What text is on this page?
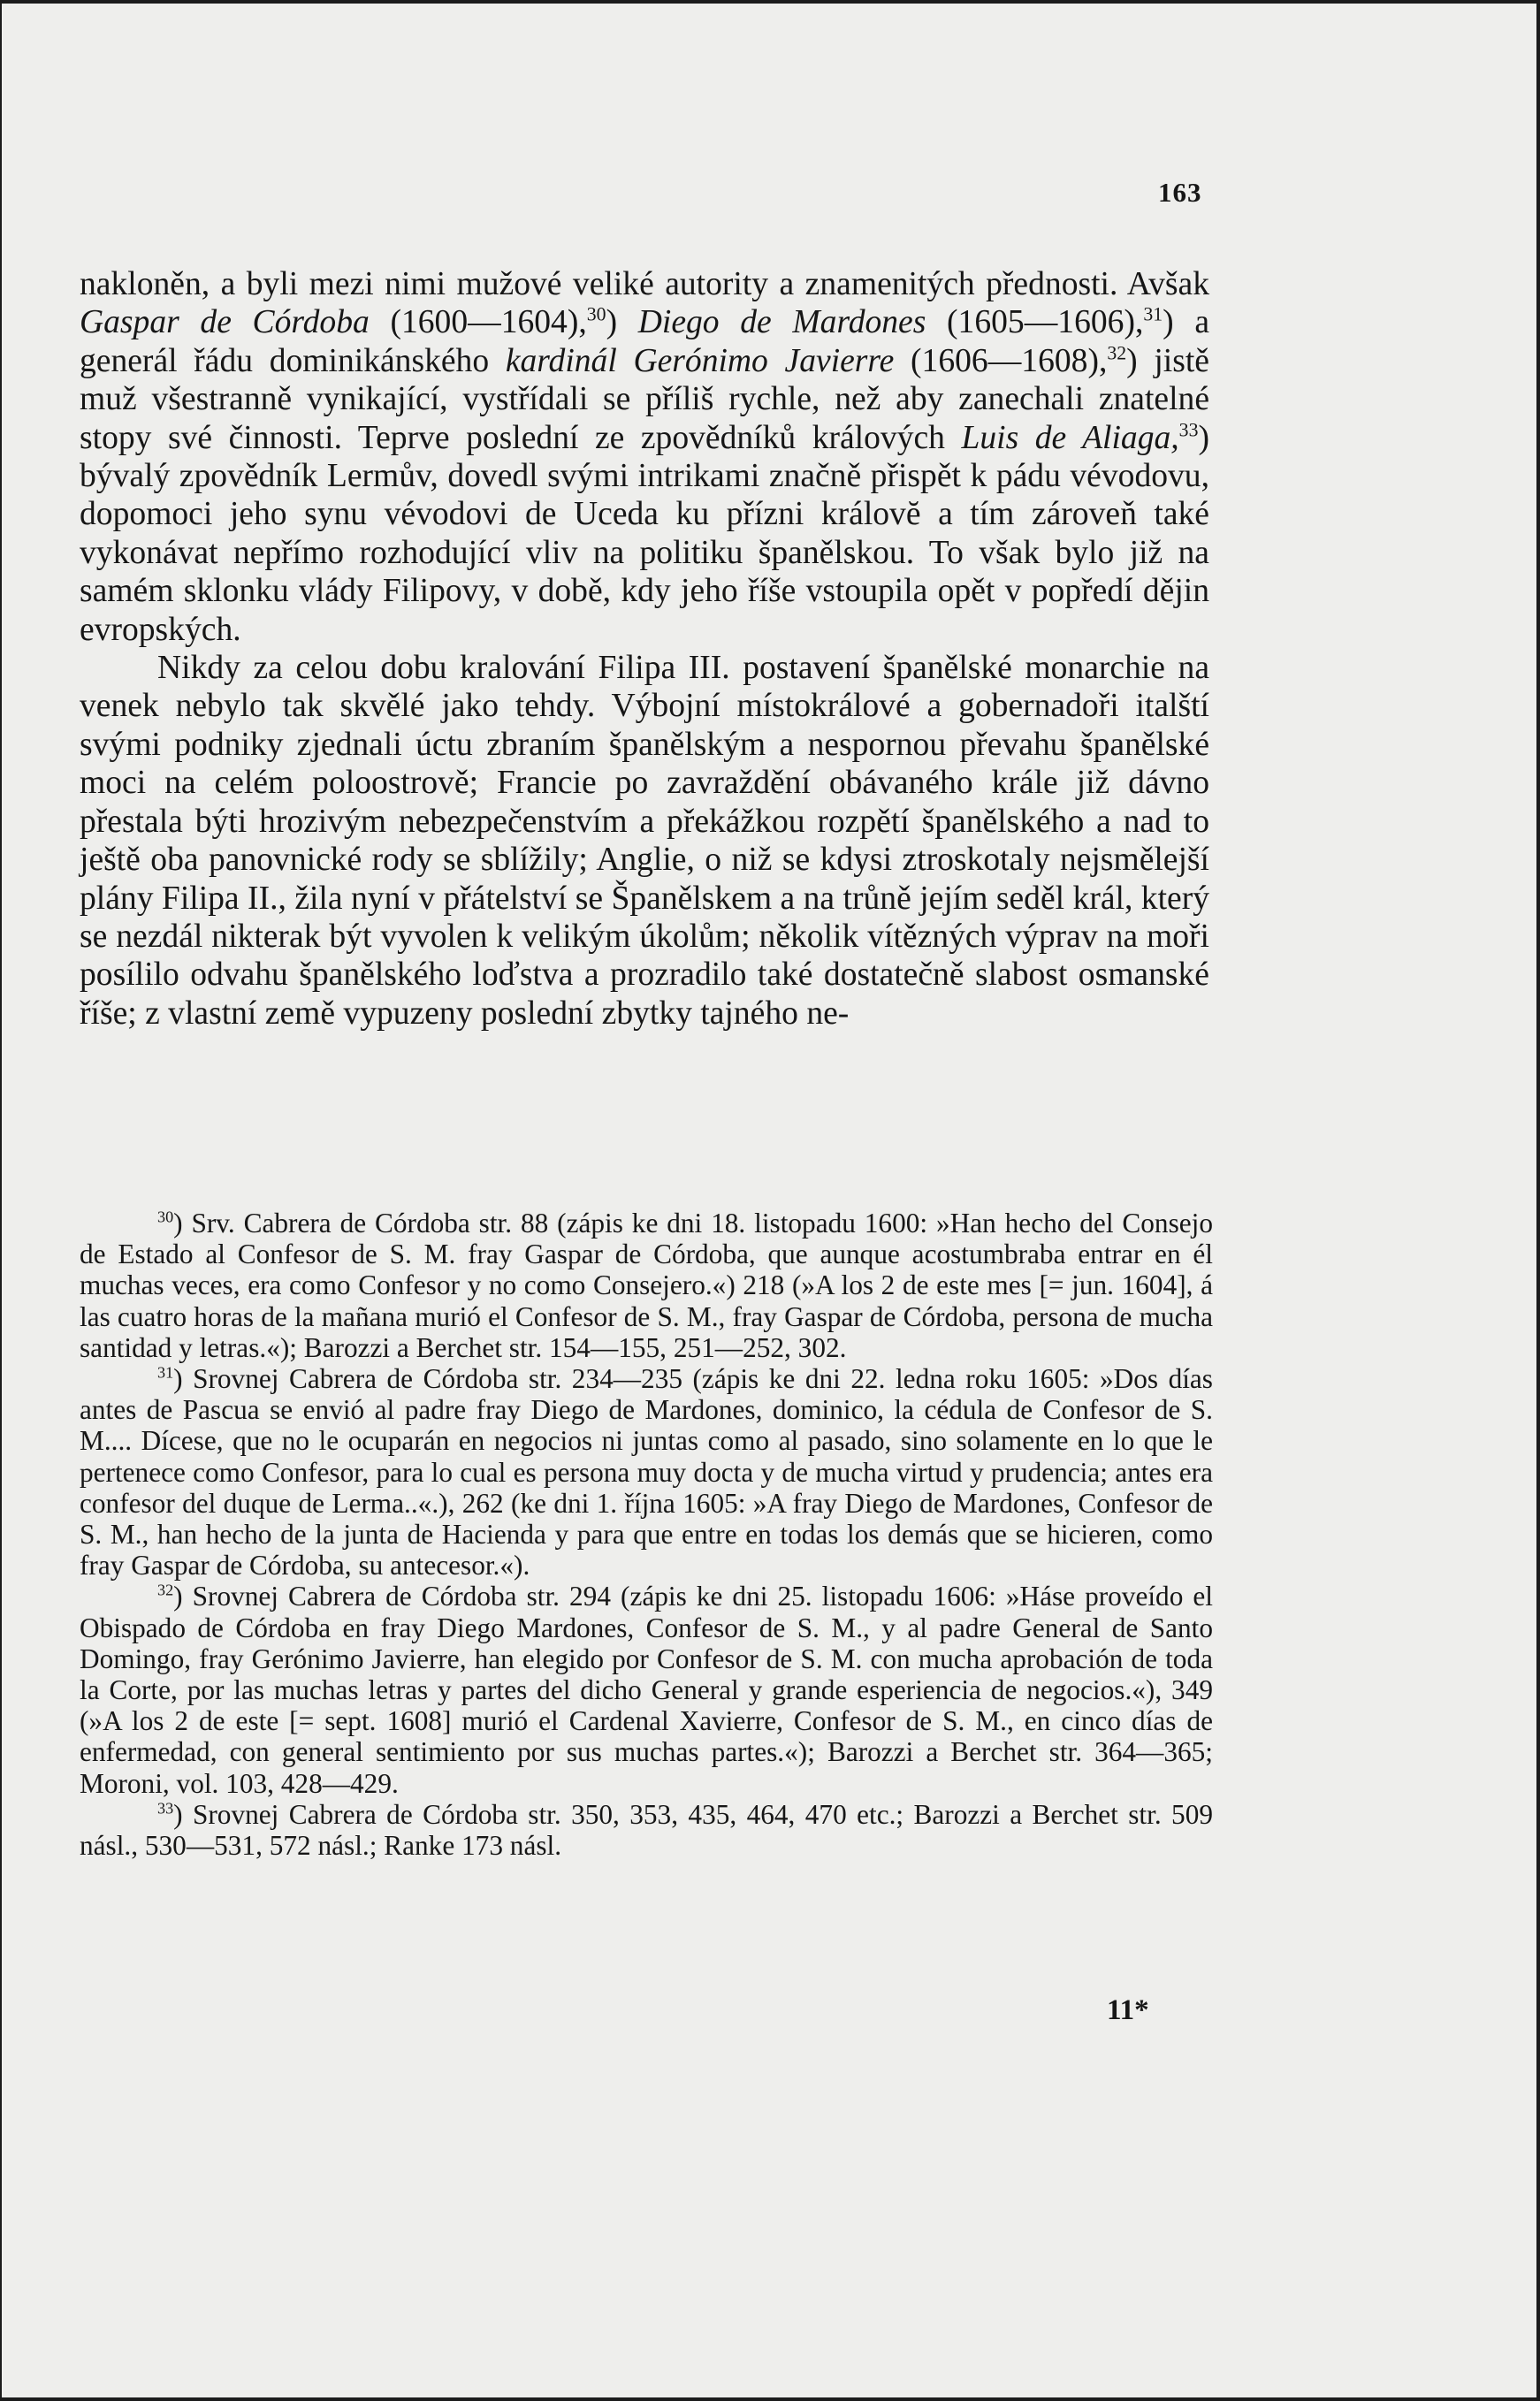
163

nakloněn, a byli mezi nimi mužové veliké autority a znamenitých přednosti. Avšak Gaspar de Córdoba (1600—1604),$^{30}$) Diego de Mardones (1605—1606),$^{31}$) a generál řádu dominikánského kardinál Gerónimo Javierre (1606—1608),$^{32}$) jistě muž všestranně vynikající, vystřídali se příliš rychle, než aby zanechali znatelné stopy své činnosti. Teprve poslední ze zpovědníků králových Luis de Aliaga,$^{33}$) bývalý zpovědník Lermův, dovedl svými intrikami značně přispět k pádu vévodovu, dopomoci jeho synu vévodovi de Uceda ku přízni královĕ a tím zároveň také vykonávat nepřímo rozhodující vliv na politiku španělskou. To však bylo již na samém sklonku vlády Filipovy, v době, kdy jeho říše vstoupila opět v popředí dějin evropských.

Nikdy za celou dobu kralování Filipa III. postavení španělské monarchie na venek nebylo tak skvělé jako tehdy. Výbojní místokrálové a gobernadoři italští svými podniky zjednali úctu zbraním španělským a nespornou převahu španělské moci na celém poloostrově; Francie po zavraždění obávaného krále již dávno přestala býti hrozivým nebezpečenstvím a překážkou rozpětí španělského a nad to ještě oba panovnické rody se sblížily; Anglie, o niž se kdysi ztroskotaly nejsmělejší plány Filipa II., žila nyní v přátelství se Španělskem a na trůně jejím seděl král, který se nezdál nikterak být vyvolen k velikým úkolům; několik vítězných výprav na moři posílilo odvahu španělského loďstva a prozradilo také dostatečně slabost osmanské říše; z vlastní země vypuzeny poslední zbytky tajného ne-

$^{30}$) Srv. Cabrera de Córdoba str. 88 (zápis ke dni 18. listopadu 1600: »Han hecho del Consejo de Estado al Confesor de S. M. fray Gaspar de Córdoba, que aunque acostumbraba entrar en él muchas veces, era como Confesor y no como Consejero.«) 218 (»A los 2 de este mes [= jun. 1604], á las cuatro horas de la mañana murió el Confesor de S. M., fray Gaspar de Córdoba, persona de mucha santidad y letras.«); Barozzi a Berchet str. 154—155, 251—252, 302.

$^{31}$) Srovnej Cabrera de Córdoba str. 234—235 (zápis ke dni 22. ledna roku 1605: »Dos días antes de Pascua se envió al padre fray Diego de Mardones, dominico, la cédula de Confesor de S. M.... Dícese, que no le ocuparán en negocios ni juntas como al pasado, sino solamente en lo que le pertenece como Confesor, para lo cual es persona muy docta y de mucha virtud y prudencia; antes era confesor del duque de Lerma..«.), 262 (ke dni 1. října 1605: »A fray Diego de Mardones, Confesor de S. M., han hecho de la junta de Hacienda y para que entre en todas los demás que se hicieren, como fray Gaspar de Córdoba, su antecesor.«).

$^{32}$) Srovnej Cabrera de Córdoba str. 294 (zápis ke dni 25. listopadu 1606: »Háse proveído el Obispado de Córdoba en fray Diego Mardones, Confesor de S. M., y al padre General de Santo Domingo, fray Gerónimo Javierre, han elegido por Confesor de S. M. con mucha aprobación de toda la Corte, por las muchas letras y partes del dicho General y grande esperiencia de negocios.«), 349 (»A los 2 de este [= sept. 1608] murió el Cardenal Xavierre, Confesor de S. M., en cinco días de enfermedad, con general sentimiento por sus muchas partes.«); Barozzi a Berchet str. 364—365; Moroni, vol. 103, 428—429.

$^{33}$) Srovnej Cabrera de Córdoba str. 350, 353, 435, 464, 470 etc.; Barozzi a Berchet str. 509 násl., 530—531, 572 násl.; Ranke 173 násl.

11*
